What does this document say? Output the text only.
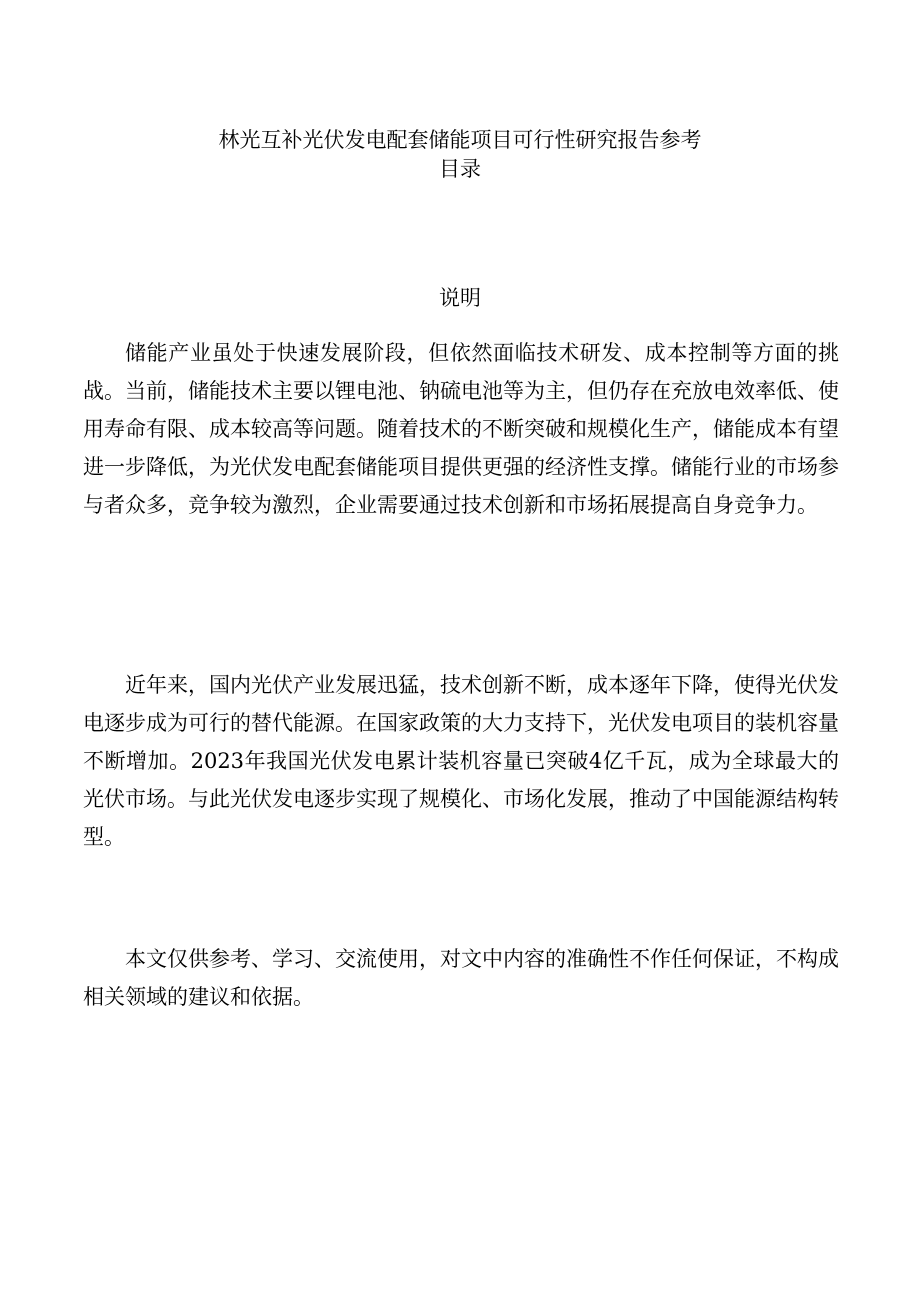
林光互补光伏发电配套储能项目可行性研究报告参考
目录
说明

储能产业虽处于快速发展阶段，但依然面临技术研发、成本控制等方面的挑战。当前，储能技术主要以锂电池、钠硫电池等为主，但仍存在充放电效率低、使用寿命有限、成本较高等问题。随着技术的不断突破和规模化生产，储能成本有望进一步降低，为光伏发电配套储能项目提供更强的经济性支撑。储能行业的市场参与者众多，竞争较为激烈，企业需要通过技术创新和市场拓展提高自身竞争力。

近年来，国内光伏产业发展迅猛，技术创新不断，成本逐年下降，使得光伏发电逐步成为可行的替代能源。在国家政策的大力支持下，光伏发电项目的装机容量不断增加。2023年我国光伏发电累计装机容量已突破4亿千瓦，成为全球最大的光伏市场。与此光伏发电逐步实现了规模化、市场化发展，推动了中国能源结构转型。

本文仅供参考、学习、交流使用，对文中内容的准确性不作任何保证，不构成相关领域的建议和依据。
